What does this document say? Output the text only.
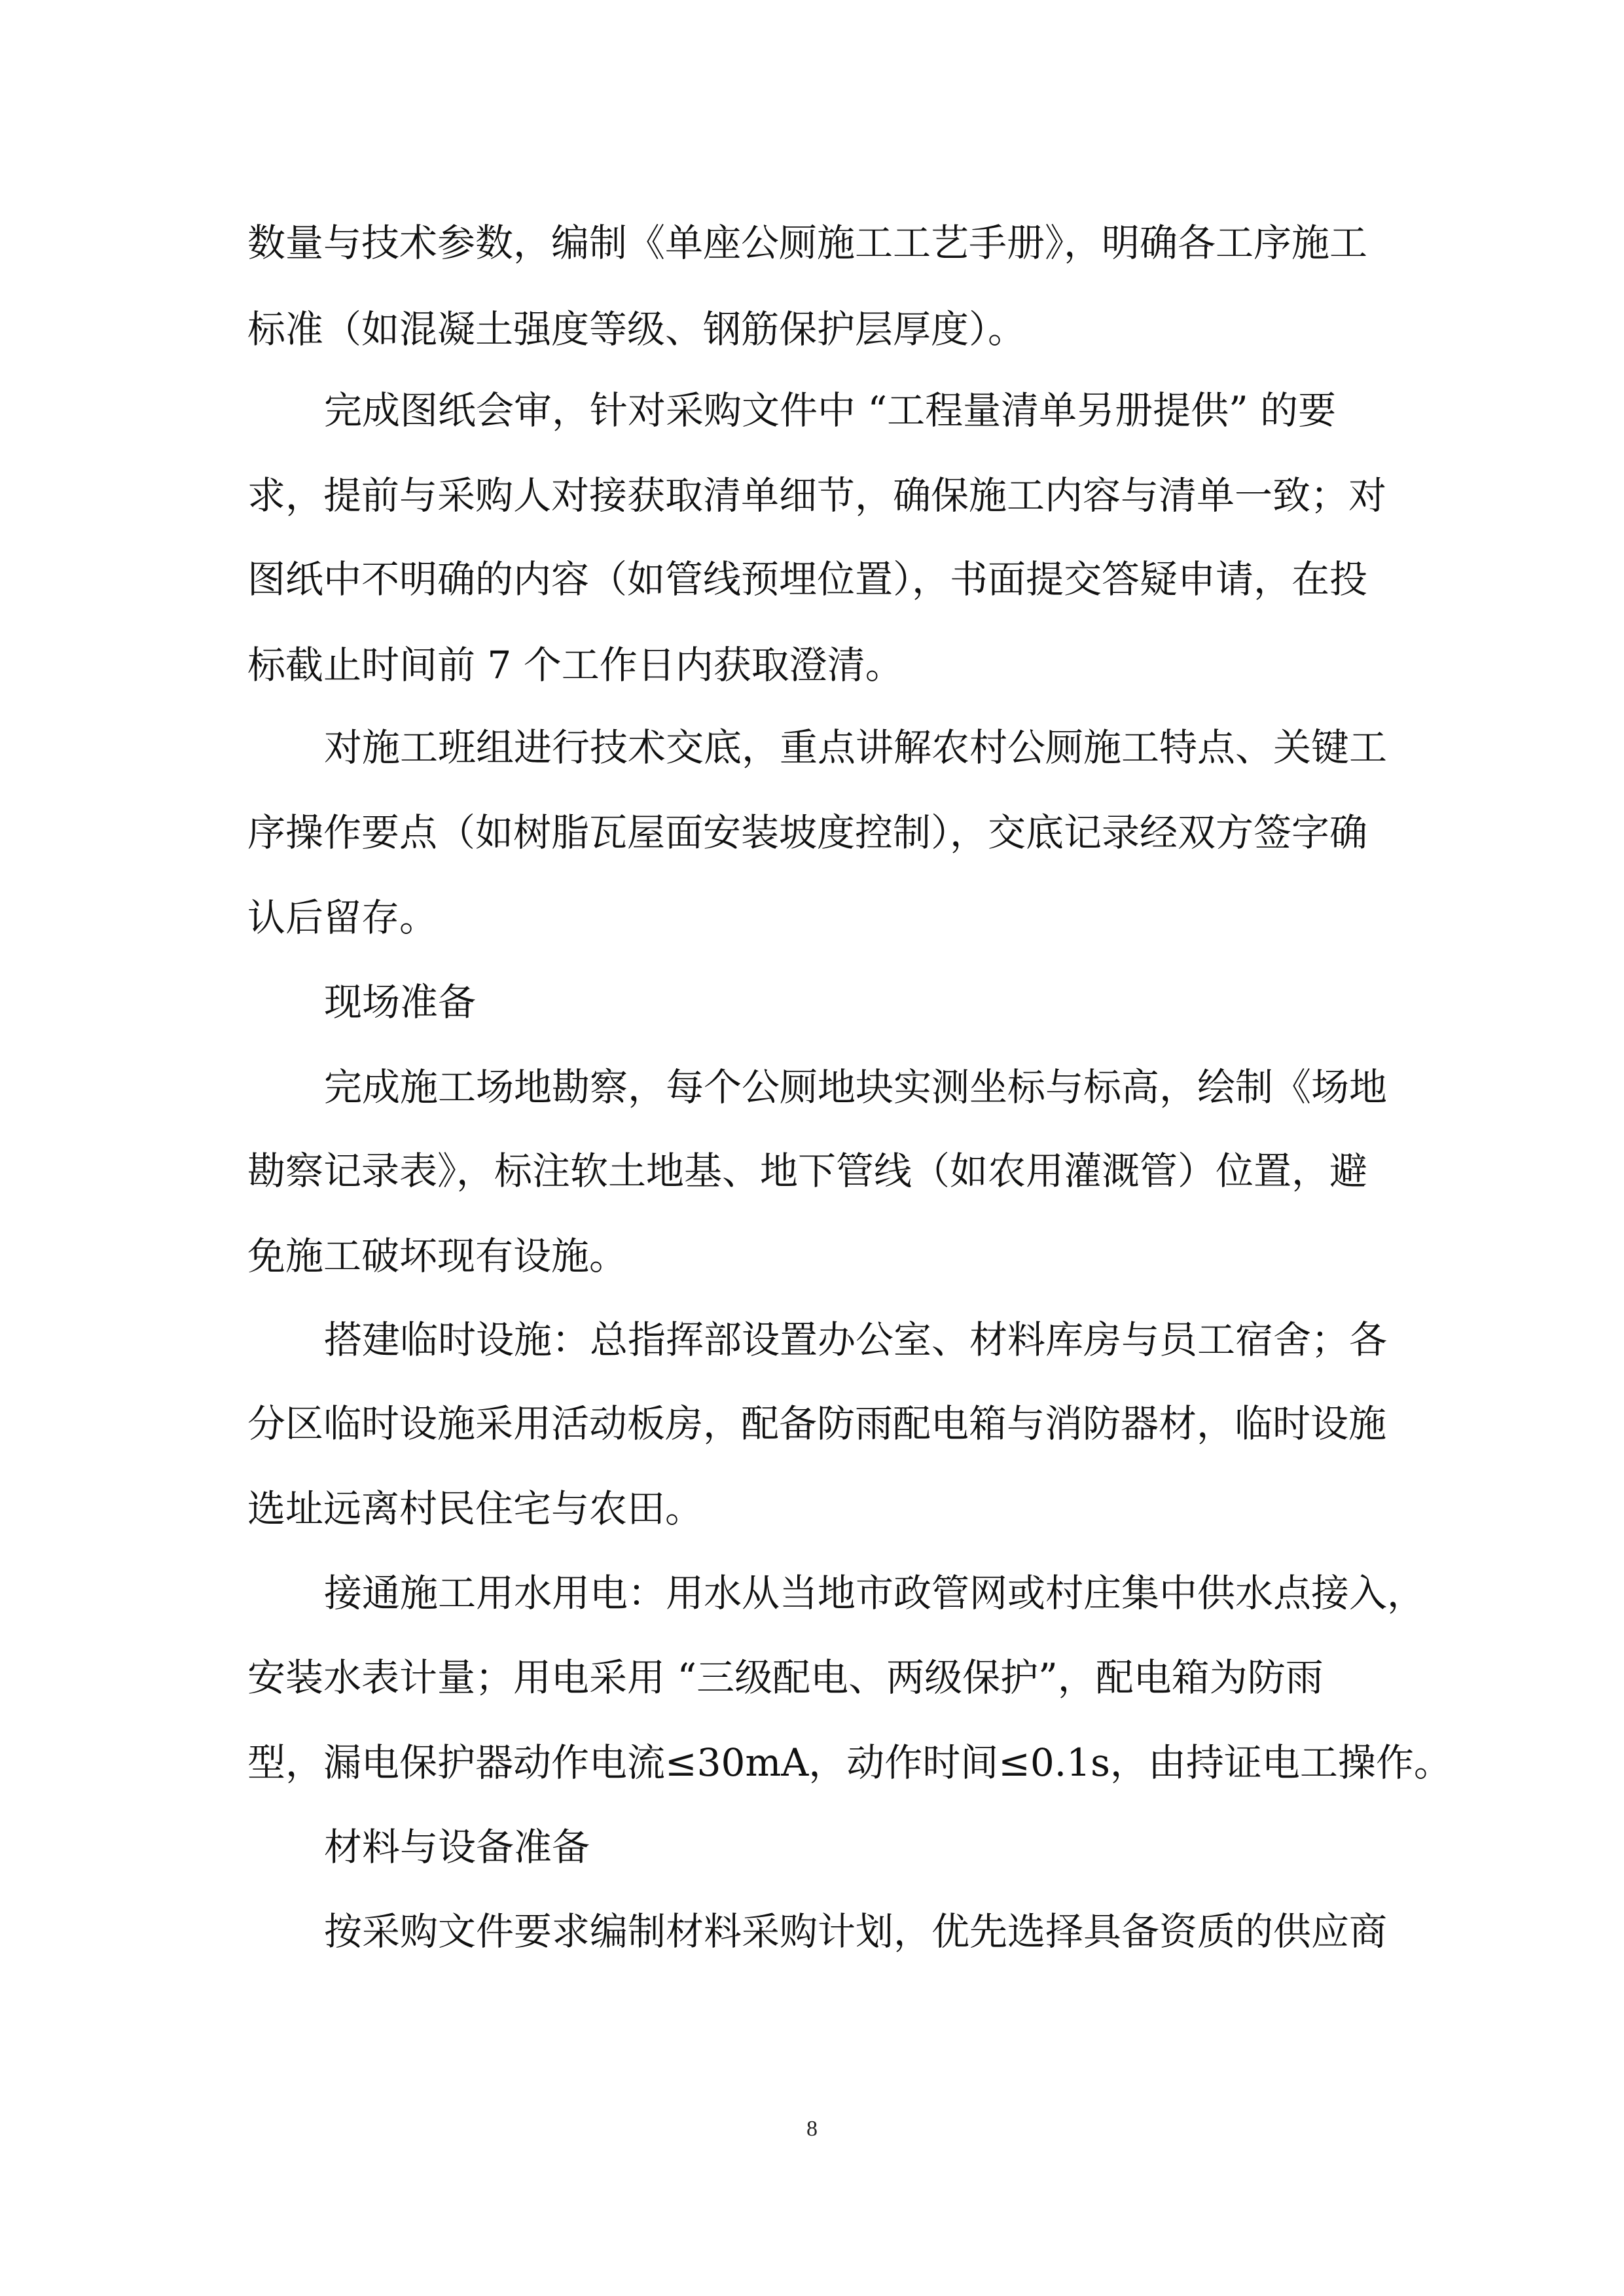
数量与技术参数，编制《单座公厕施工工艺手册》，明确各工序施工
标准（如混凝土强度等级、钢筋保护层厚度）。
完成图纸会审，针对采购文件中 “工程量清单另册提供” 的要
求，提前与采购人对接获取清单细节，确保施工内容与清单一致；对
图纸中不明确的内容（如管线预埋位置），书面提交答疑申请，在投
标截止时间前 7 个工作日内获取澄清。
对施工班组进行技术交底，重点讲解农村公厕施工特点、关键工
序操作要点（如树脂瓦屋面安装坡度控制），交底记录经双方签字确
认后留存。
现场准备
完成施工场地勘察，每个公厕地块实测坐标与标高，绘制《场地
勘察记录表》，标注软土地基、地下管线（如农用灌溉管）位置，避
免施工破坏现有设施。
搭建临时设施：总指挥部设置办公室、材料库房与员工宿舍；各
分区临时设施采用活动板房，配备防雨配电箱与消防器材，临时设施
选址远离村民住宅与农田。
接通施工用水用电：用水从当地市政管网或村庄集中供水点接入，
安装水表计量；用电采用 “三级配电、两级保护”，配电箱为防雨
型，漏电保护器动作电流≤30mA，动作时间≤0.1s，由持证电工操作。
材料与设备准备
按采购文件要求编制材料采购计划，优先选择具备资质的供应商
8
